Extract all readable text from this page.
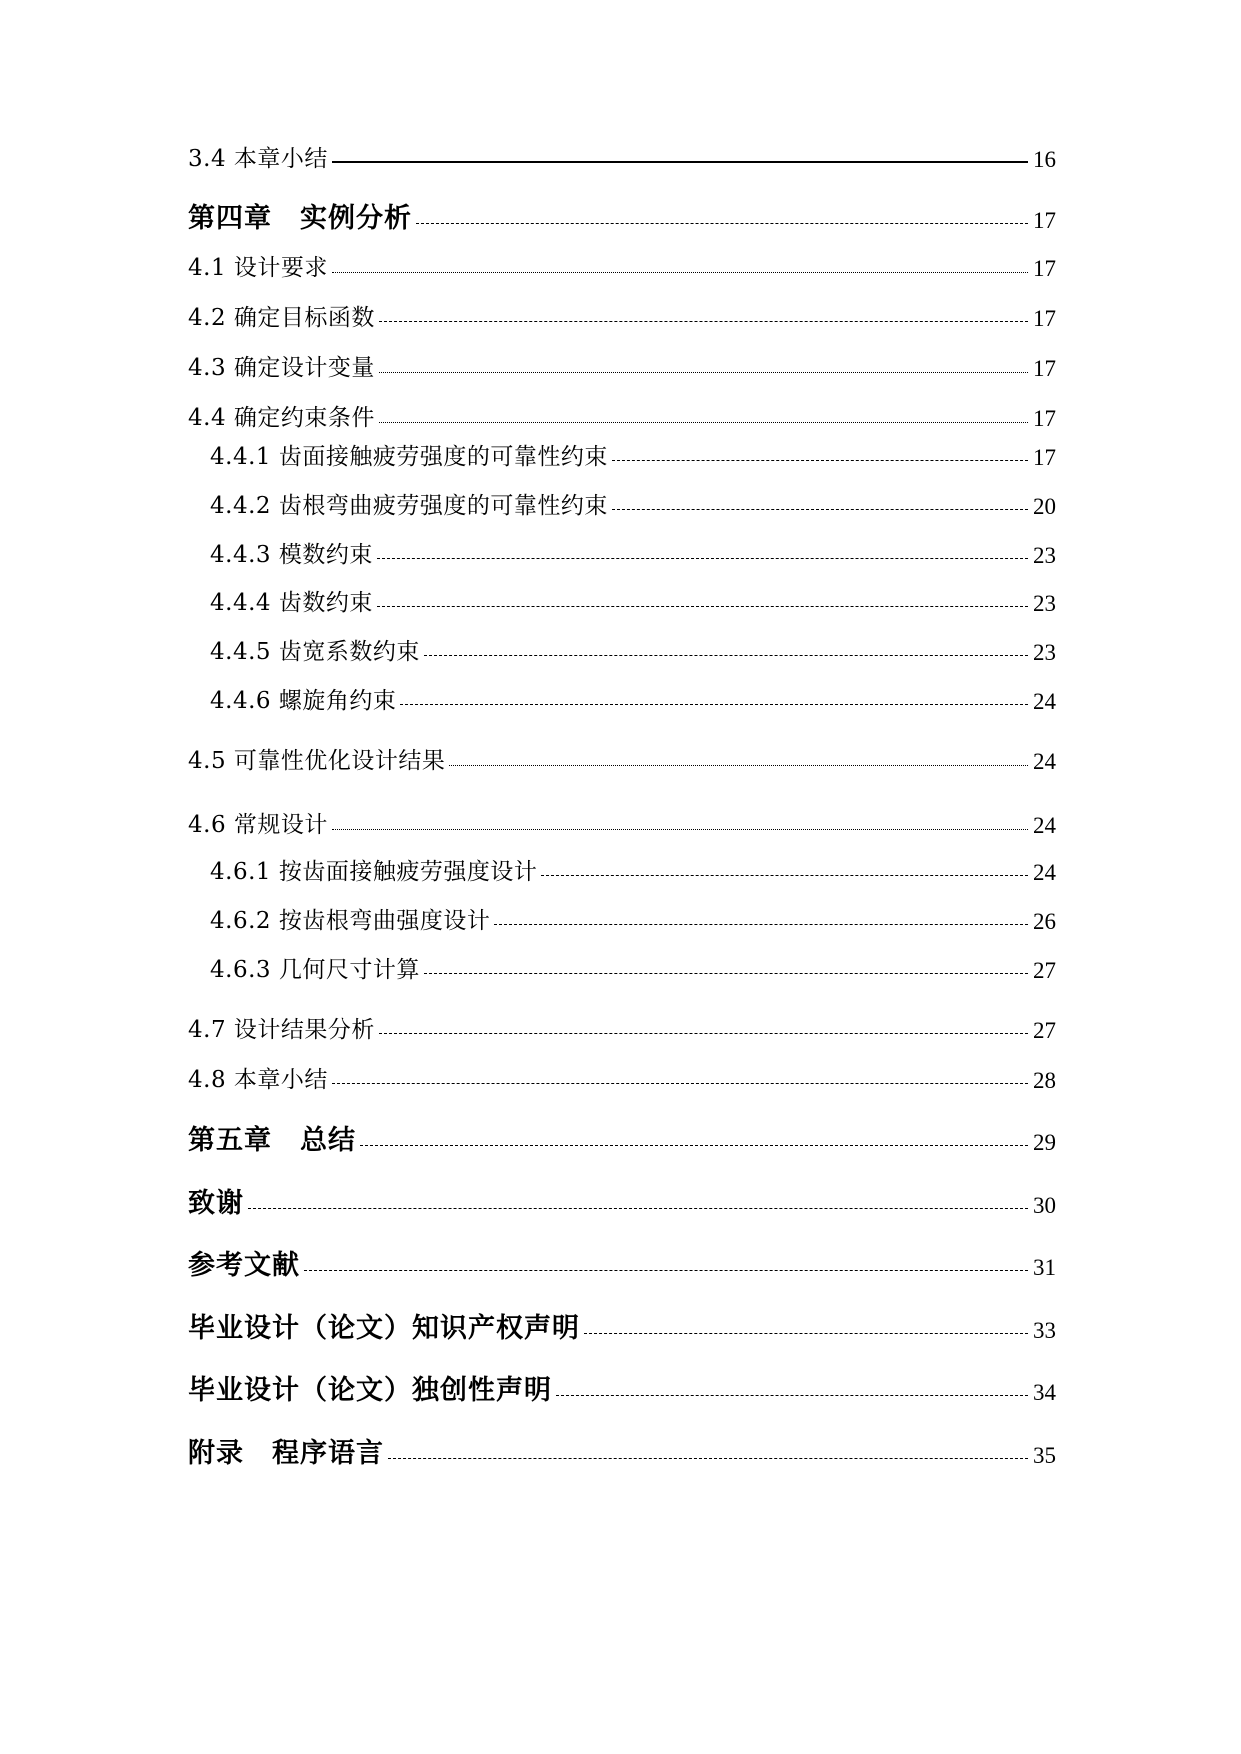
3.4 本章小结	16
第四章　实例分析	17
4.1 设计要求	17
4.2 确定目标函数	17
4.3 确定设计变量	17
4.4 确定约束条件	17
4.4.1 齿面接触疲劳强度的可靠性约束	17
4.4.2 齿根弯曲疲劳强度的可靠性约束	20
4.4.3 模数约束	23
4.4.4 齿数约束	23
4.4.5 齿宽系数约束	23
4.4.6 螺旋角约束	24
4.5 可靠性优化设计结果	24
4.6 常规设计	24
4.6.1 按齿面接触疲劳强度设计	24
4.6.2 按齿根弯曲强度设计	26
4.6.3 几何尺寸计算	27
4.7 设计结果分析	27
4.8 本章小结	28
第五章　总结	29
致谢	30
参考文献	31
毕业设计（论文）知识产权声明	33
毕业设计（论文）独创性声明	34
附录　程序语言	35
